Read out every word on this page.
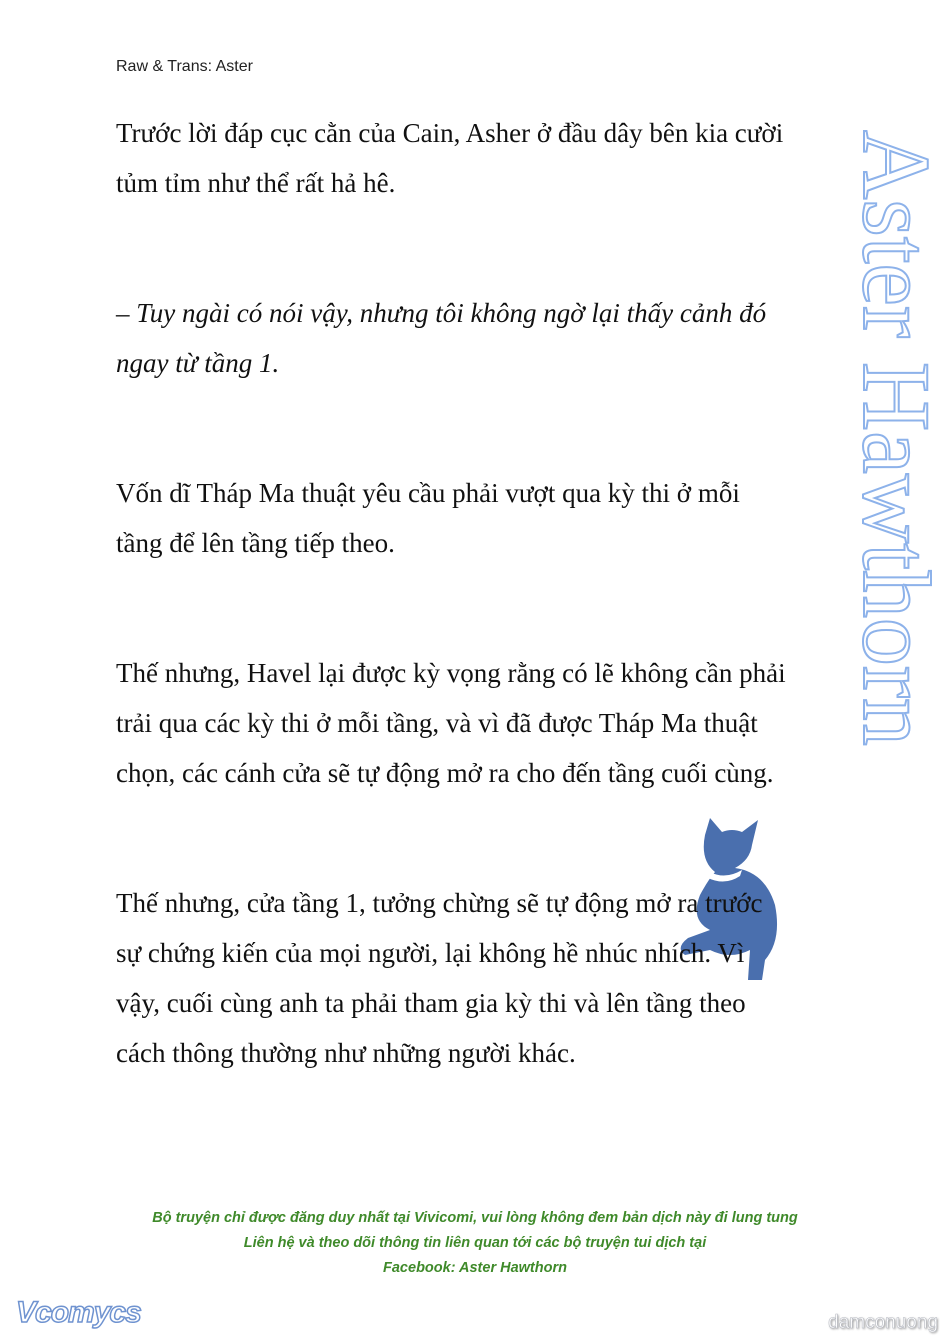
Raw & Trans: Aster
Aster Hawthorn
Trước lời đáp cục cằn của Cain, Asher ở đầu dây bên kia cười
tủm tỉm như thể rất hả hê.
– Tuy ngài có nói vậy, nhưng tôi không ngờ lại thấy cảnh đó
ngay từ tầng 1.
Vốn dĩ Tháp Ma thuật yêu cầu phải vượt qua kỳ thi ở mỗi
tầng để lên tầng tiếp theo.
Thế nhưng, Havel lại được kỳ vọng rằng có lẽ không cần phải
trải qua các kỳ thi ở mỗi tầng, và vì đã được Tháp Ma thuật
chọn, các cánh cửa sẽ tự động mở ra cho đến tầng cuối cùng.
Thế nhưng, cửa tầng 1, tưởng chừng sẽ tự động mở ra trước
sự chứng kiến của mọi người, lại không hề nhúc nhích. Vì
vậy, cuối cùng anh ta phải tham gia kỳ thi và lên tầng theo
cách thông thường như những người khác.
Bộ truyện chỉ được đăng duy nhất tại Vivicomi, vui lòng không đem bản dịch này đi lung tung
Liên hệ và theo dõi thông tin liên quan tới các bộ truyện tui dịch tại
Facebook: Aster Hawthorn
Vcomycs	damconuong
